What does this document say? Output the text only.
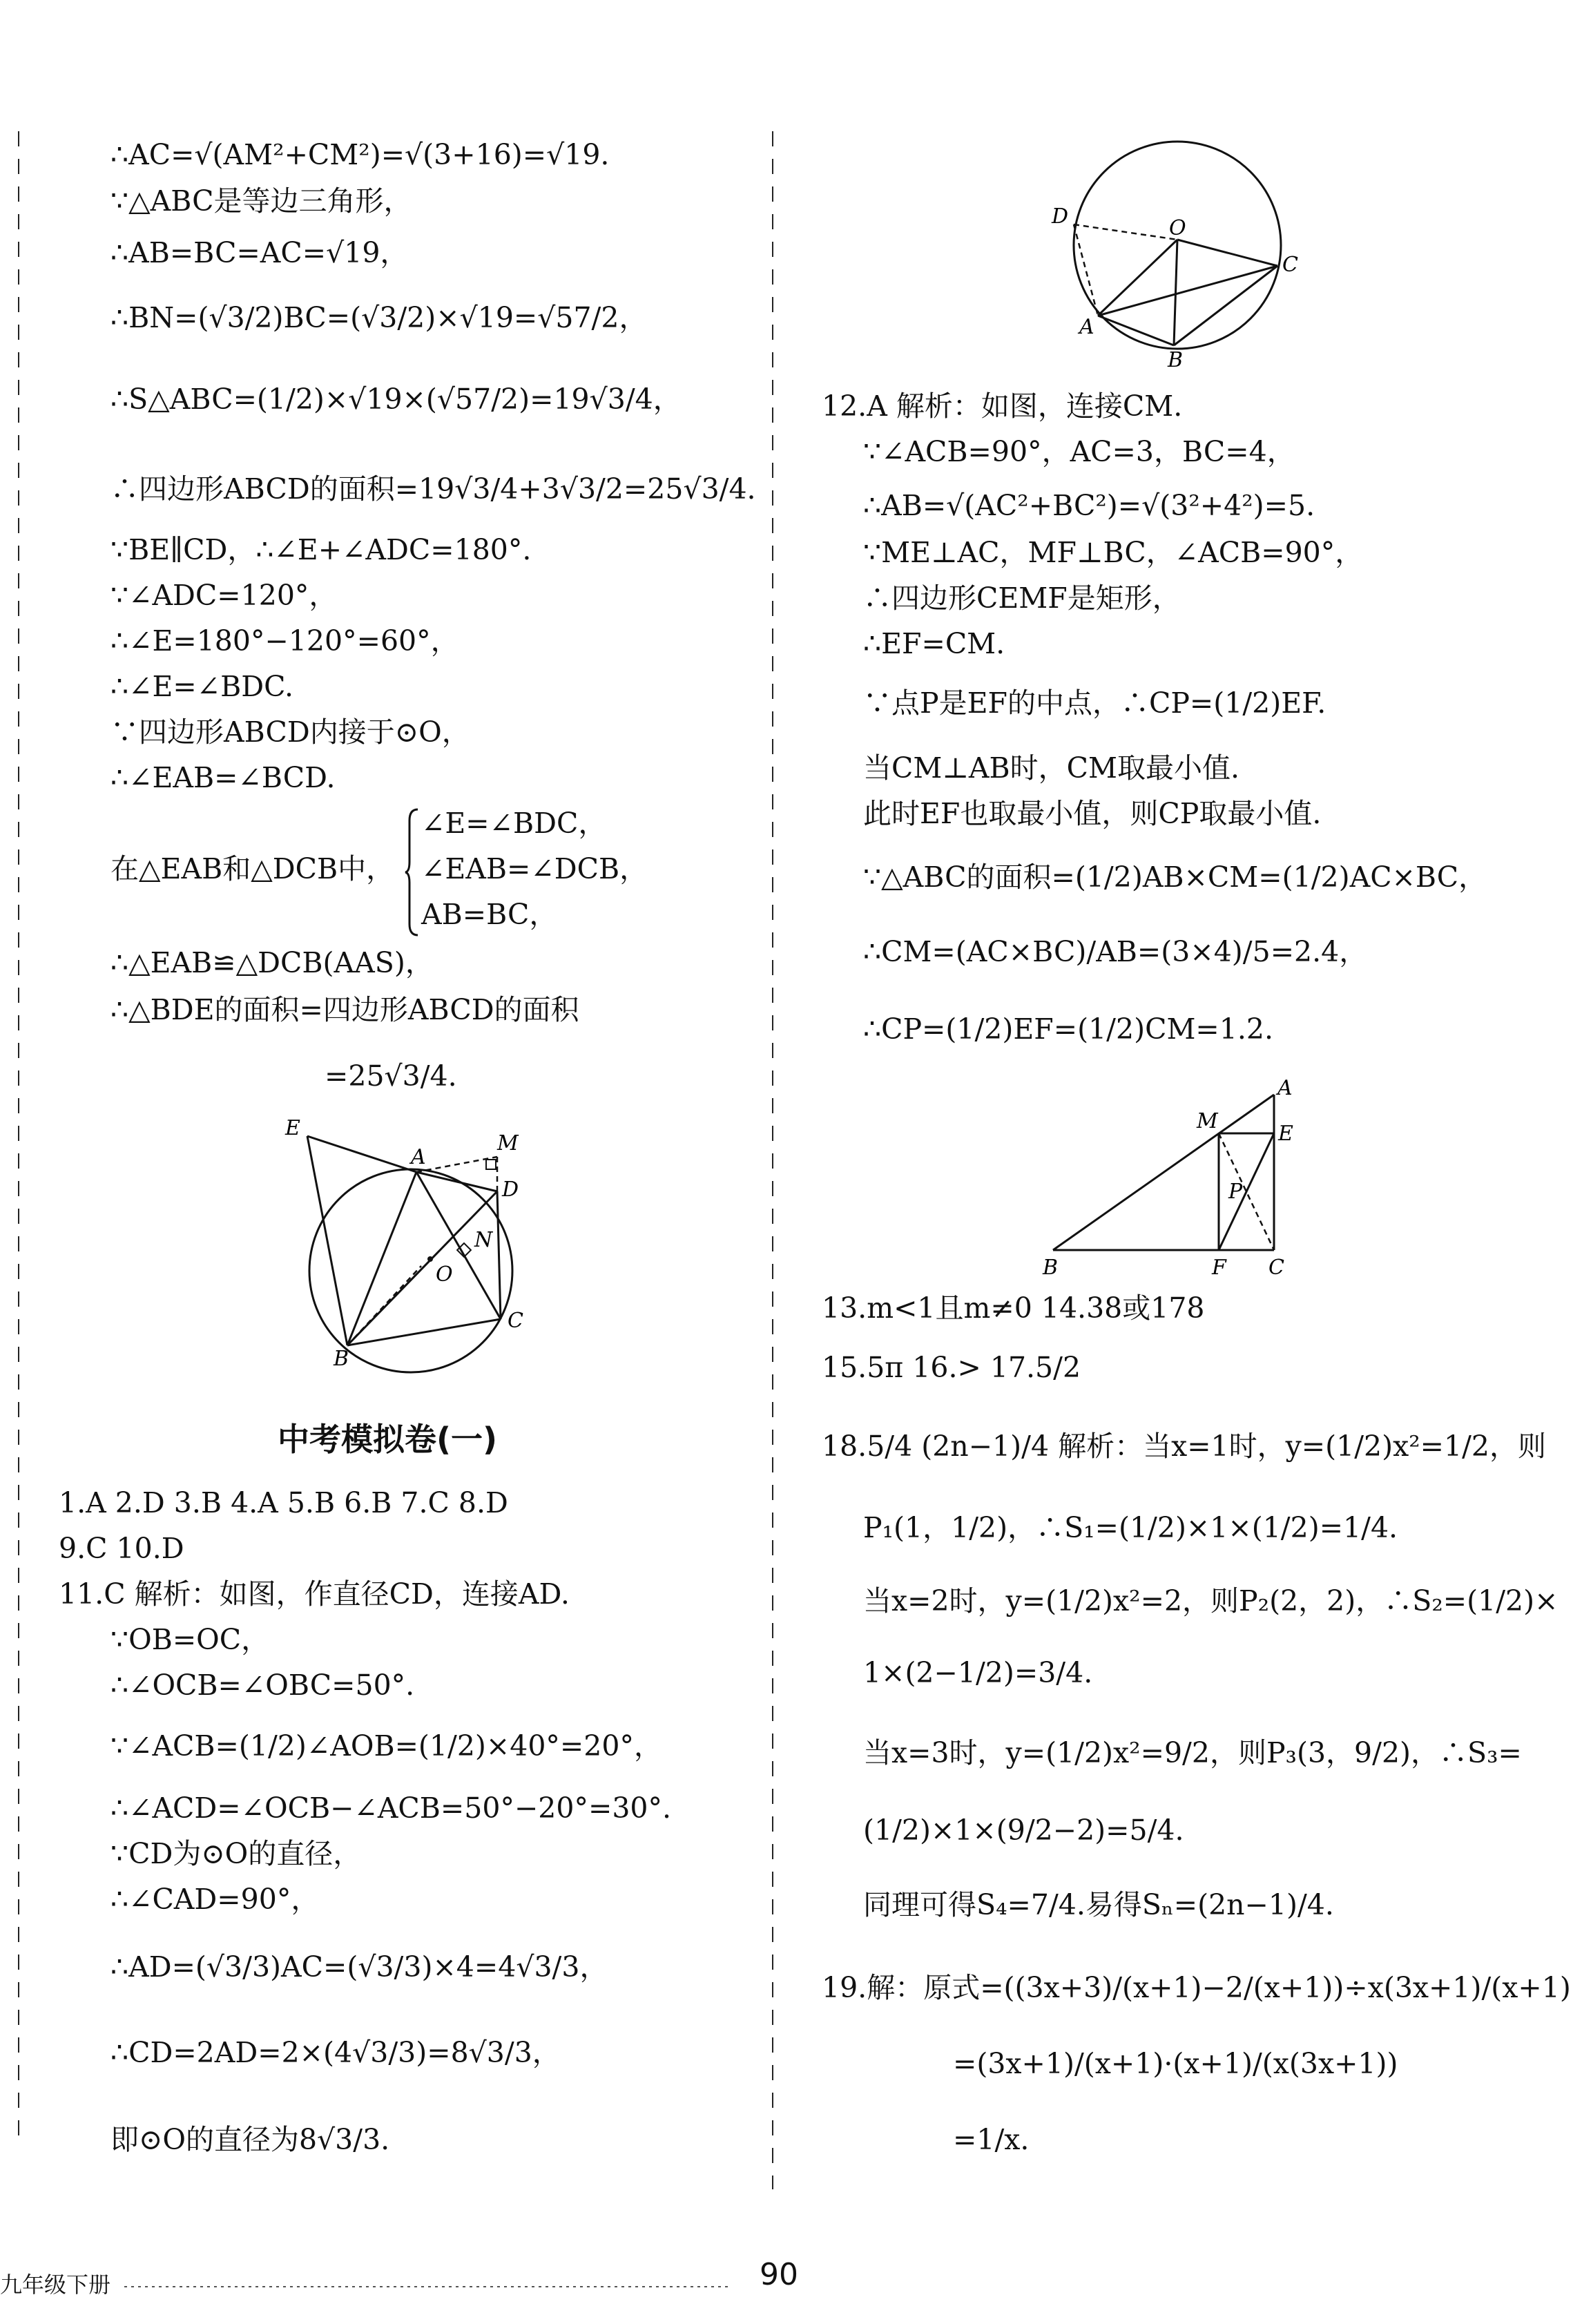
∴AC=√(AM²+CM²)=√(3+16)=√19.
∵△ABC是等边三角形，
∴AB=BC=AC=√19，
∴BN=(√3/2)BC=(√3/2)×√19=√57/2，
∴S△ABC=(1/2)×√19×(√57/2)=19√3/4，
∴四边形ABCD的面积=19√3/4+3√3/2=25√3/4.
∵BE∥CD，∴∠E+∠ADC=180°.
∵∠ADC=120°，
∴∠E=180°−120°=60°，
∴∠E=∠BDC.
∵四边形ABCD内接于⊙O，
∴∠EAB=∠BCD.
∠E=∠BDC，
在△EAB和△DCB中， ∠EAB=∠DCB，
AB=BC，
∴△EAB≌△DCB(AAS)，
∴△BDE的面积=四边形ABCD的面积
=25√3/4.
E
A
M
D
N
O
C
B
中考模拟卷(一)
1.A 2.D 3.B 4.A 5.B 6.B 7.C 8.D
9.C 10.D
11.C 解析：如图，作直径CD，连接AD.
∵OB=OC，
∴∠OCB=∠OBC=50°.
∵∠ACB=(1/2)∠AOB=(1/2)×40°=20°，
∴∠ACD=∠OCB−∠ACB=50°−20°=30°.
∵CD为⊙O的直径，
∴∠CAD=90°，
∴AD=(√3/3)AC=(√3/3)×4=4√3/3，
∴CD=2AD=2×(4√3/3)=8√3/3，
即⊙O的直径为8√3/3.
D	O
C
A
B
12.A 解析：如图，连接CM.
∵∠ACB=90°，AC=3，BC=4，
∴AB=√(AC²+BC²)=√(3²+4²)=5.
∵ME⊥AC，MF⊥BC，∠ACB=90°，
∴四边形CEMF是矩形，
∴EF=CM.
∵点P是EF的中点，∴CP=(1/2)EF.
当CM⊥AB时，CM取最小值.
此时EF也取最小值，则CP取最小值.
∵△ABC的面积=(1/2)AB×CM=(1/2)AC×BC，
∴CM=(AC×BC)/AB=(3×4)/5=2.4，
∴CP=(1/2)EF=(1/2)CM=1.2.
A
M
E
P
B	F C
13.m<1且m≠0 14.38或178
15.5π 16.> 17.5/2
18.5/4 (2n−1)/4 解析：当x=1时，y=(1/2)x²=1/2，则
P₁(1，1/2)，∴S₁=(1/2)×1×(1/2)=1/4.
当x=2时，y=(1/2)x²=2，则P₂(2，2)，∴S₂=(1/2)×
1×(2−1/2)=3/4.
当x=3时，y=(1/2)x²=9/2，则P₃(3，9/2)，∴S₃=
(1/2)×1×(9/2−2)=5/4.
同理可得S₄=7/4.易得Sₙ=(2n−1)/4.
19.解：原式=((3x+3)/(x+1)−2/(x+1))÷x(3x+1)/(x+1)
=(3x+1)/(x+1)·(x+1)/(x(3x+1))
=1/x.
九年级下册	90
